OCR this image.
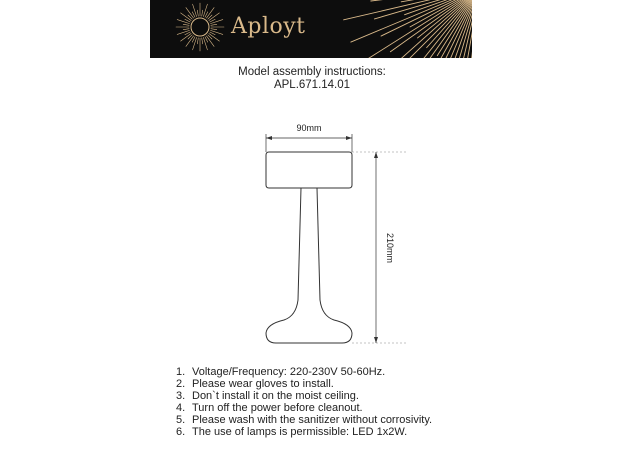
Aployt
Model assembly instructions:
APL.671.14.01
90mm
210mm
1. Voltage/Frequency: 220-230V 50-60Hz.
2. Please wear gloves to install.
3. Don`t install it on the moist ceiling.
4. Turn off the power before cleanout.
5. Please wash with the sanitizer without corrosivity.
6. The use of lamps is permissible: LED 1x2W.
